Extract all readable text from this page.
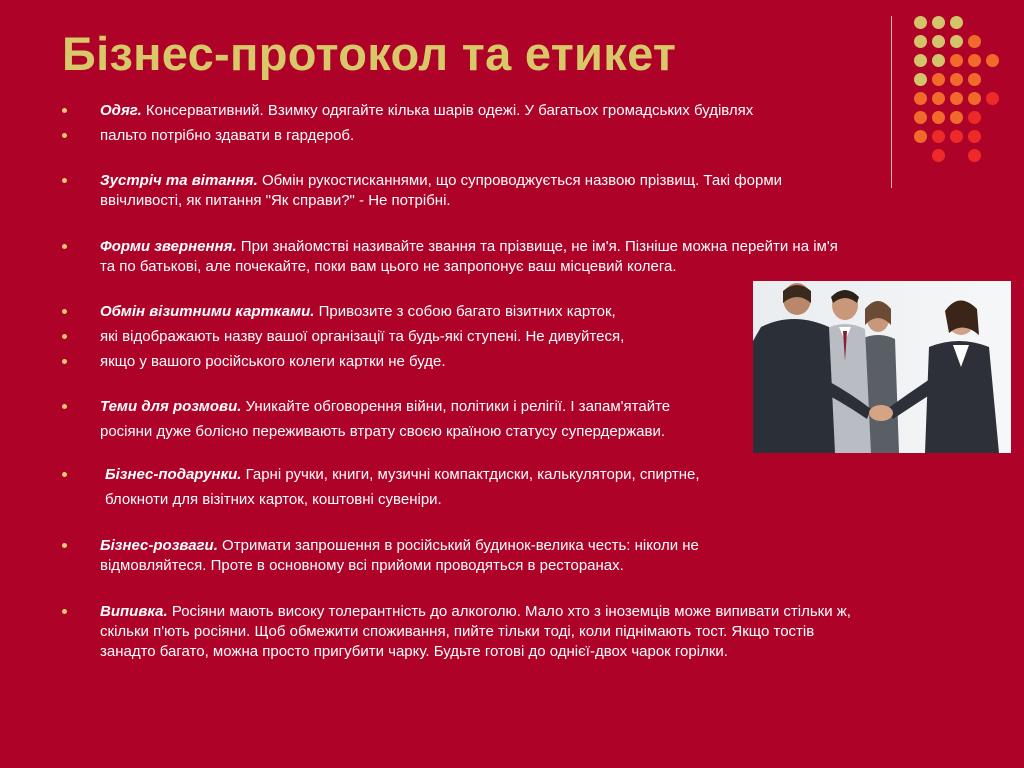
Бізнес-протокол та етикет
Одяг. Консервативний. Взимку одягайте кілька шарів одежі. У багатьох громадських будівлях
пальто потрібно здавати в гардероб.
Зустріч та вітання. Обмін рукостисканнями, що супроводжується назвою прізвищ. Такі форми
ввічливості, як питання "Як справи?" - Не потрібні.
Форми звернення. При знайомстві називайте звання та прізвище, не ім'я. Пізніше можна перейти на ім'я
та по батькові, але почекайте, поки вам цього не запропонує ваш місцевий колега.
Обмін візитними картками. Привозите з собою багато візитних карток,
які відображають назву вашої організації та будь-які ступені. Не дивуйтеся,
якщо у вашого російського колеги картки не буде.
Теми для розмови. Уникайте обговорення війни, політики і релігії. І запам'ятайте
росіяни дуже болісно переживають втрату своєю країною статусу супердержави.
Бізнес-подарунки. Гарні ручки, книги, музичні компактдиски, калькулятори, спиртне,
блокноти для візітних карток, коштовні сувеніри.
Бізнес-розваги. Отримати запрошення в російський будинок-велика честь: ніколи не
відмовляйтеся. Проте в основному всі прийоми проводяться в ресторанах.
Випивка. Росіяни мають високу толерантність до алкоголю. Мало хто з іноземців може випивати стільки ж,
скільки п'ють росіяни. Щоб обмежити споживання, пийте тільки тоді, коли піднімають тост. Якщо тостів
занадто багато, можна просто пригубити чарку. Будьте готові до однієї-двох чарок горілки.
